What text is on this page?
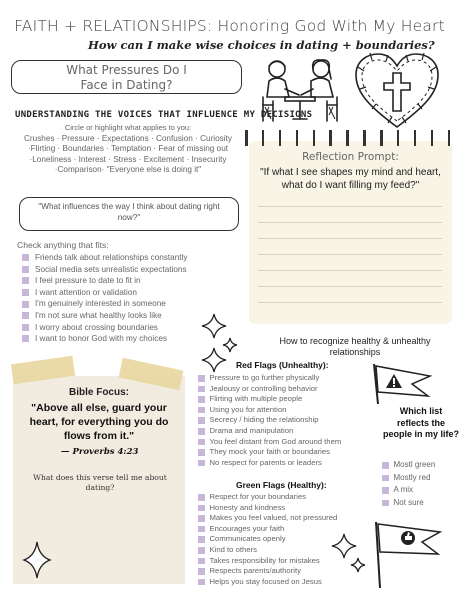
FAITH + RELATIONSHIPS: Honoring God With My Heart
How can I make wise choices in dating + boundaries?
What Pressures Do I
Face in Dating?
UNDERSTANDING THE VOICES THAT INFLUENCE MY DECISIONS
Circle or highlight what applies to you:
Crushes · Pressure · Expectations · Confusion · Curiosity ·Flirting · Boundaries · Temptation · Fear of missing out ·Loneliness · Interest · Stress · Excitement · Insecurity ·Comparison· "Everyone else is doing it"
"What influences the way I think about dating right now?"
Check anything that fits:
Friends talk about relationships constantly
Social media sets unrealistic expectations
I feel pressure to date to fit in
I want attention or validation
I'm genuinely interested in someone
I'm not sure what healthy looks like
I worry about crossing boundaries
I want to honor God with my choices
Reflection Prompt:
"If what I see shapes my mind and heart, what do I want filling my feed?"
How to recognize healthy & unhealthy relationships
Bible Focus:
"Above all else, guard your heart, for everything you do flows from it."
— Proverbs 4:23
What does this verse tell me about dating?
Red Flags (Unhealthy):
Pressure to go further physically
Jealousy or controlling behavior
Flirting with multiple people
Using you for attention
Secrecy / hiding the relationship
Drama and manipulation
You feel distant from God around them
They mock your faith or boundaries
No respect for parents or leaders
Green Flags (Healthy):
Respect for your boundaries
Honesty and kindness
Makes you feel valued, not pressured
Encourages your faith
Communicates openly
Kind to others
Takes responsibility for mistakes
Respects parents/authority
Helps you stay focused on Jesus
Which list reflects the people in my life?
Mostl green
Mostly red
A mix
Not sure
